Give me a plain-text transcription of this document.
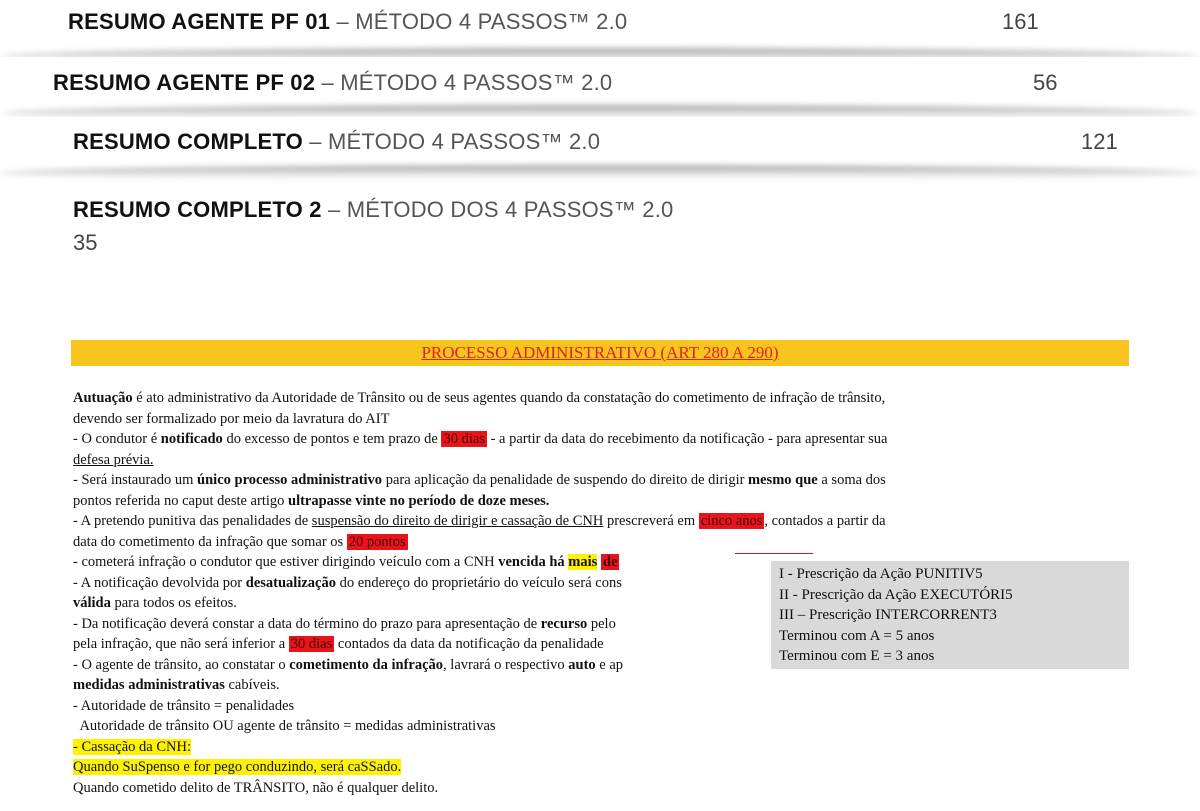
RESUMO AGENTE PF 01 – MÉTODO 4 PASSOS™ 2.0	161
RESUMO AGENTE PF 02 – MÉTODO 4 PASSOS™ 2.0	56
RESUMO COMPLETO – MÉTODO 4 PASSOS™ 2.0	121
RESUMO COMPLETO 2 – MÉTODO DOS 4 PASSOS™ 2.0
35
PROCESSO ADMINISTRATIVO (ART 280 A 290)
Autuação é ato administrativo da Autoridade de Trânsito ou de seus agentes quando da constatação do cometimento de infração de trânsito,
devendo ser formalizado por meio da lavratura do AIT
- O condutor é notificado do excesso de pontos e tem prazo de 30 dias - a partir da data do recebimento da notificação - para apresentar sua
defesa prévia.
- Será instaurado um único processo administrativo para aplicação da penalidade de suspendo do direito de dirigir mesmo que a soma dos
pontos referida no caput deste artigo ultrapasse vinte no período de doze meses.
- A pretendo punitiva das penalidades de suspensão do direito de dirigir e cassação de CNH prescreverá em cinco anos , contados a partir da
data do cometimento da infração que somar os 20 pontos
- cometerá infração o condutor que estiver dirigindo veículo com a CNH vencida há mais de
- A notificação devolvida por desatualização do endereço do proprietário do veículo será cons
válida para todos os efeitos.
- Da notificação deverá constar a data do término do prazo para apresentação de recurso pelo
pela infração, que não será inferior a 30 dias contados da data da notificação da penalidade
- O agente de trânsito, ao constatar o cometimento da infração, lavrará o respectivo auto e ap
medidas administrativas cabíveis.
- Autoridade de trânsito = penalidades
Autoridade de trânsito OU agente de trânsito = medidas administrativas
- Cassação da CNH:
Quando SuSpenso e for pego conduzindo, será caSSado.
Quando cometido delito de TRÂNSITO, não é qualquer delito.
I - Prescrição da Ação PUNITIV5
II - Prescrição da Ação EXECUTÓRI5
III – Prescrição INTERCORRENT3
Terminou com A = 5 anos
Terminou com E = 3 anos
